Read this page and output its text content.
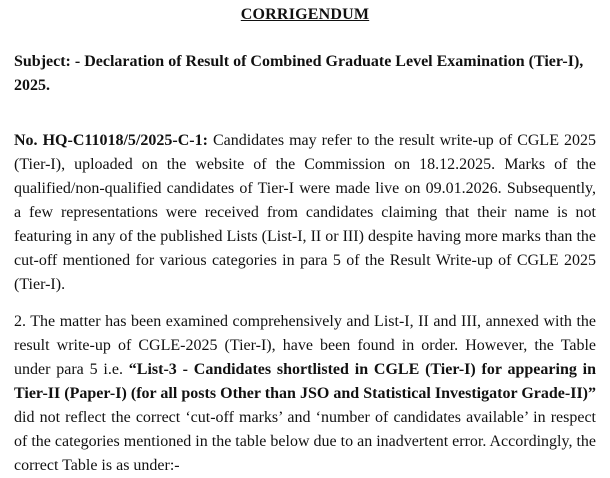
CORRIGENDUM
Subject: - Declaration of Result of Combined Graduate Level Examination (Tier-I), 2025.

No. HQ-C11018/5/2025-C-1: Candidates may refer to the result write-up of CGLE 2025 (Tier-I), uploaded on the website of the Commission on 18.12.2025. Marks of the qualified/non-qualified candidates of Tier-I were made live on 09.01.2026. Subsequently, a few representations were received from candidates claiming that their name is not featuring in any of the published Lists (List-I, II or III) despite having more marks than the cut-off mentioned for various categories in para 5 of the Result Write-up of CGLE 2025 (Tier-I).

2. The matter has been examined comprehensively and List-I, II and III, annexed with the result write-up of CGLE-2025 (Tier-I), have been found in order. However, the Table under para 5 i.e. “List-3 - Candidates shortlisted in CGLE (Tier-I) for appearing in Tier-II (Paper-I) (for all posts Other than JSO and Statistical Investigator Grade-II)” did not reflect the correct ‘cut-off marks’ and ‘number of candidates available’ in respect of the categories mentioned in the table below due to an inadvertent error. Accordingly, the correct Table is as under:-
